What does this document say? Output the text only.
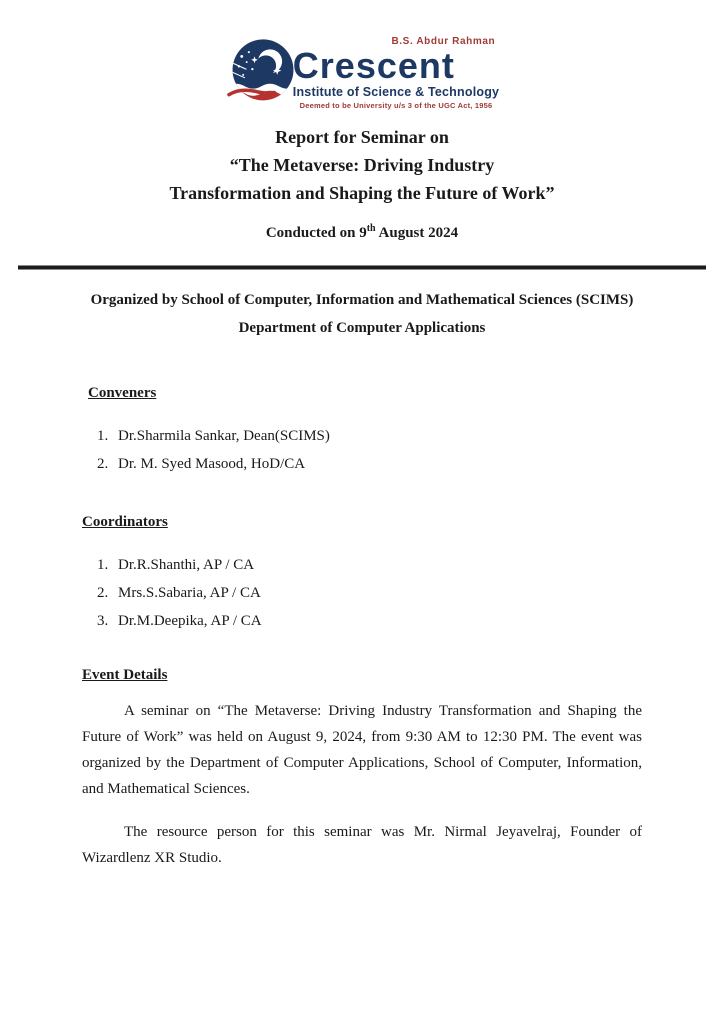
B.S. Abdur Rahman
Crescent
Institute of Science & Technology
Deemed to be University u/s 3 of the UGC Act, 1956
Report for Seminar on
“The Metaverse: Driving Industry
Transformation and Shaping the Future of Work”
Conducted on 9th August 2024
Organized by School of Computer, Information and Mathematical Sciences (SCIMS)
Department of Computer Applications
Conveners
1. Dr.Sharmila Sankar, Dean(SCIMS)
2. Dr. M. Syed Masood, HoD/CA
Coordinators
1. Dr.R.Shanthi, AP / CA
2. Mrs.S.Sabaria, AP / CA
3. Dr.M.Deepika, AP / CA
Event Details

A seminar on “The Metaverse: Driving Industry Transformation and Shaping the Future of Work” was held on August 9, 2024, from 9:30 AM to 12:30 PM. The event was organized by the Department of Computer Applications, School of Computer, Information, and Mathematical Sciences.

The resource person for this seminar was Mr. Nirmal Jeyavelraj, Founder of Wizardlenz XR Studio.
